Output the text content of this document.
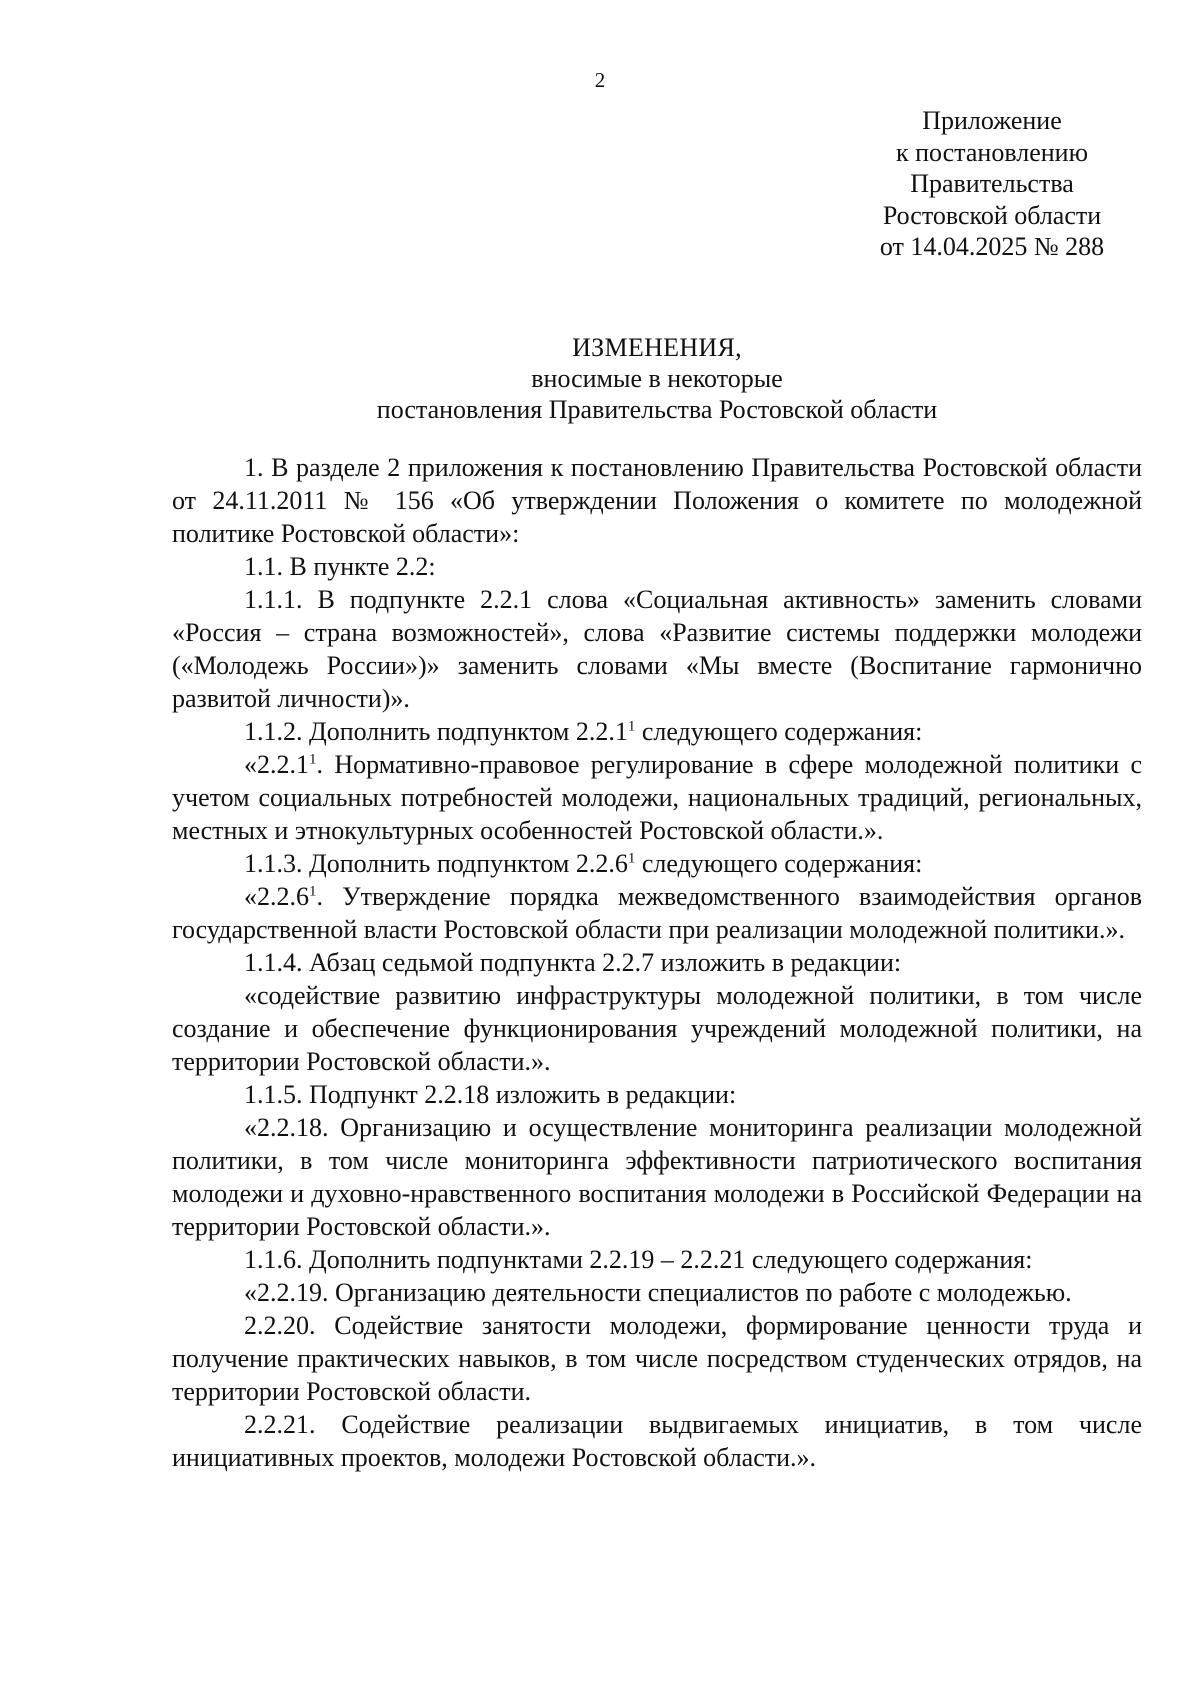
2
Приложение
к постановлению
Правительства
Ростовской области
от 14.04.2025 № 288
ИЗМЕНЕНИЯ,
вносимые в некоторые
постановления Правительства Ростовской области

1. В разделе 2 приложения к постановлению Правительства Ростовской области от 24.11.2011 № 156 «Об утверждении Положения о комитете по молодежной политике Ростовской области»:

1.1. В пункте 2.2:

1.1.1. В подпункте 2.2.1 слова «Социальная активность» заменить словами «Россия – страна возможностей», слова «Развитие системы поддержки молодежи («Молодежь России»)» заменить словами «Мы вместе (Воспитание гармонично развитой личности)».

1.1.2. Дополнить подпунктом 2.2.1$^1$ следующего содержания:

«2.2.1$^1$. Нормативно-правовое регулирование в сфере молодежной политики с учетом социальных потребностей молодежи, национальных традиций, региональных, местных и этнокультурных особенностей Ростовской области.».

1.1.3. Дополнить подпунктом 2.2.6$^1$ следующего содержания:

«2.2.6$^1$. Утверждение порядка межведомственного взаимодействия органов государственной власти Ростовской области при реализации молодежной политики.».

1.1.4. Абзац седьмой подпункта 2.2.7 изложить в редакции:

«содействие развитию инфраструктуры молодежной политики, в том числе создание и обеспечение функционирования учреждений молодежной политики, на территории Ростовской области.».

1.1.5. Подпункт 2.2.18 изложить в редакции:

«2.2.18. Организацию и осуществление мониторинга реализации молодежной политики, в том числе мониторинга эффективности патриотического воспитания молодежи и духовно-нравственного воспитания молодежи в Российской Федерации на территории Ростовской области.».

1.1.6. Дополнить подпунктами 2.2.19 – 2.2.21 следующего содержания:

«2.2.19. Организацию деятельности специалистов по работе с молодежью.

2.2.20. Содействие занятости молодежи, формирование ценности труда и получение практических навыков, в том числе посредством студенческих отрядов, на территории Ростовской области.

2.2.21. Содействие реализации выдвигаемых инициатив, в том числе инициативных проектов, молодежи Ростовской области.».
